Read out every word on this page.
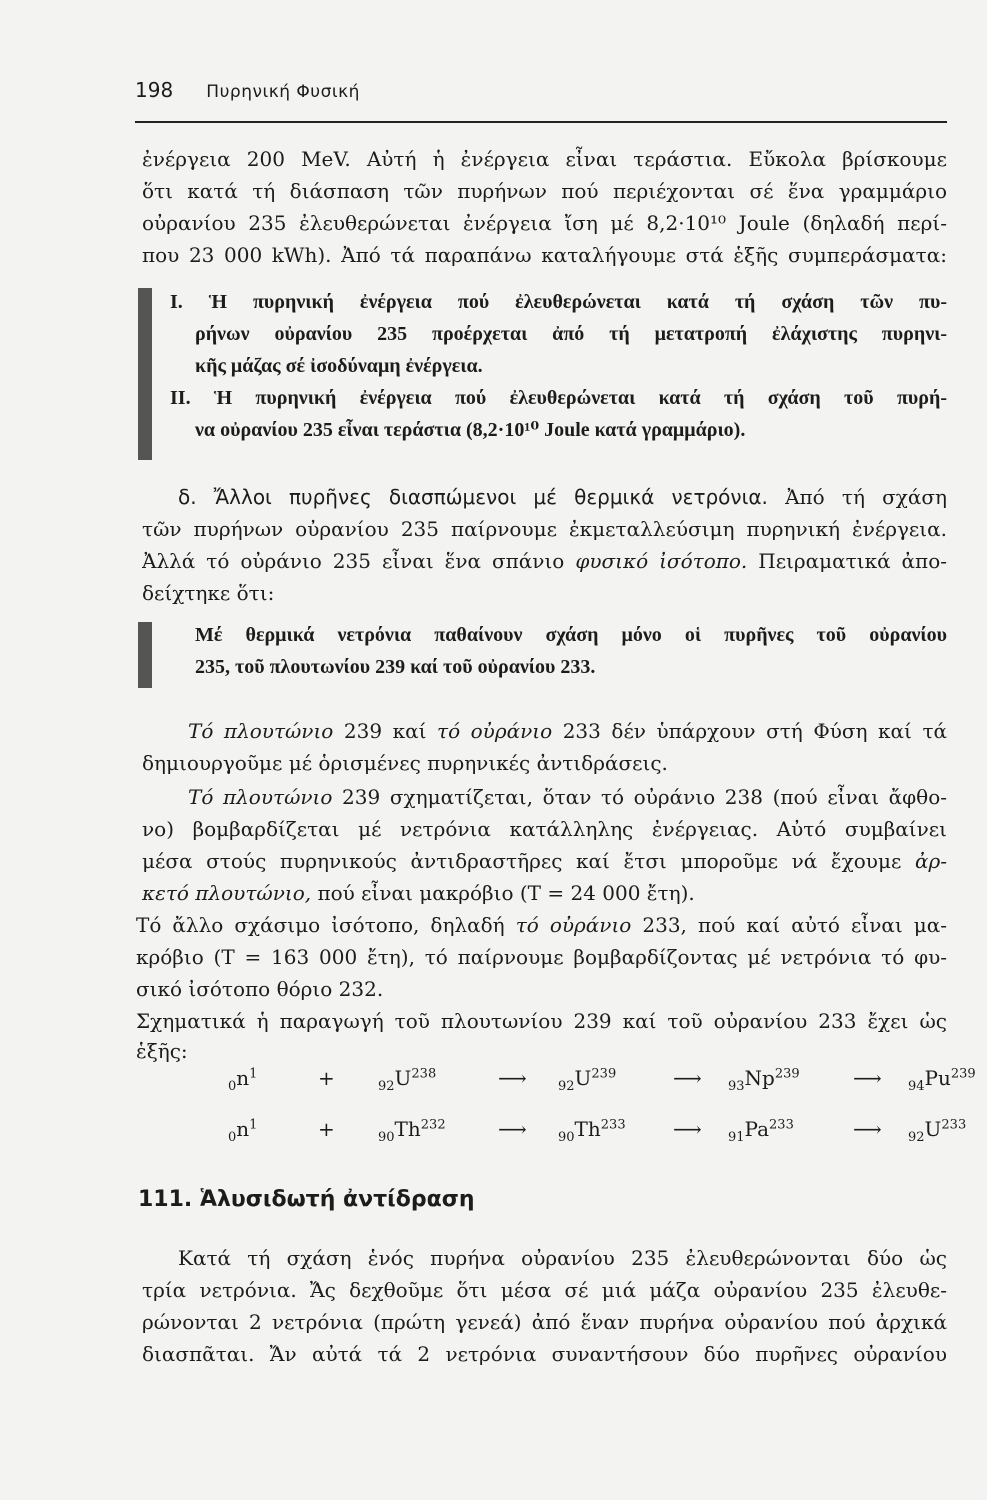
198 Πυρηνική Φυσική
ἐνέργεια 200 MeV. Αὐτή ἡ ἐνέργεια εἶναι τεράστια. Εὔκολα βρίσκουμε
ὅτι κατά τή διάσπαση τῶν πυρήνων πού περιέχονται σέ ἕνα γραμμάριο
οὐρανίου 235 ἐλευθερώνεται ἐνέργεια ἴση μέ 8,2·10¹⁰ Joule (δηλαδή περί-
που 23 000 kWh). Ἀπό τά παραπάνω καταλήγουμε στά ἑξῆς συμπεράσματα:
I. Ἡ πυρηνική ἐνέργεια πού ἐλευθερώνεται κατά τή σχάση τῶν πυ-
ρήνων οὐρανίου 235 προέρχεται ἀπό τή μετατροπή ἐλάχιστης πυρηνι-
κῆς μάζας σέ ἰσοδύναμη ἐνέργεια.
II. Ἡ πυρηνική ἐνέργεια πού ἐλευθερώνεται κατά τή σχάση τοῦ πυρή-
να οὐρανίου 235 εἶναι τεράστια (8,2·10¹⁰ Joule κατά γραμμάριο).
δ. Ἄλλοι πυρῆνες διασπώμενοι μέ θερμικά νετρόνια. Ἀπό τή σχάση
τῶν πυρήνων οὐρανίου 235 παίρνουμε ἐκμεταλλεύσιμη πυρηνική ἐνέργεια.
Ἀλλά τό οὐράνιο 235 εἶναι ἕνα σπάνιο φυσικό ἰσότοπο. Πειραματικά ἀπο-
δείχτηκε ὅτι:
Μέ θερμικά νετρόνια παθαίνουν σχάση μόνο οἱ πυρῆνες τοῦ οὐρανίου
235, τοῦ πλουτωνίου 239 καί τοῦ οὐρανίου 233.
Τό πλουτώνιο 239 καί τό οὐράνιο 233 δέν ὑπάρχουν στή Φύση καί τά
δημιουργοῦμε μέ ὁρισμένες πυρηνικές ἀντιδράσεις.
Τό πλουτώνιο 239 σχηματίζεται, ὅταν τό οὐράνιο 238 (πού εἶναι ἄφθο-
νο) βομβαρδίζεται μέ νετρόνια κατάλληλης ἐνέργειας. Αὐτό συμβαίνει
μέσα στούς πυρηνικούς ἀντιδραστῆρες καί ἔτσι μποροῦμε νά ἔχουμε ἀρ-
κετό πλουτώνιο, πού εἶναι μακρόβιο (T = 24 000 ἔτη).
Τό ἄλλο σχάσιμο ἰσότοπο, δηλαδή τό οὐράνιο 233, πού καί αὐτό εἶναι μα-
κρόβιο (T = 163 000 ἔτη), τό παίρνουμε βομβαρδίζοντας μέ νετρόνια τό φυ-
σικό ἰσότοπο θόριο 232.
Σχηματικά ἡ παραγωγή τοῦ πλουτωνίου 239 καί τοῦ οὐρανίου 233 ἔχει ὡς
ἑξῆς:
$_0n^1$	+	$_{92}U^{238}$	⟶ $_{92}U^{239}$	⟶ $_{93}Np^{239}$	⟶ $_{94}Pu^{239}$
$_0n^1$	+	$_{90}Th^{232}$	⟶ $_{90}Th^{233}$ ⟶ $_{91}Pa^{233}$	⟶ $_{92}U^{233}$
111. Ἁλυσιδωτή ἀντίδραση
Κατά τή σχάση ἑνός πυρήνα οὐρανίου 235 ἐλευθερώνονται δύο ὡς
τρία νετρόνια. Ἄς δεχθοῦμε ὅτι μέσα σέ μιά μάζα οὐρανίου 235 ἐλευθε-
ρώνονται 2 νετρόνια (πρώτη γενεά) ἀπό ἕναν πυρήνα οὐρανίου πού ἀρχικά
διασπᾶται. Ἄν αὐτά τά 2 νετρόνια συναντήσουν δύο πυρῆνες οὐρανίου
